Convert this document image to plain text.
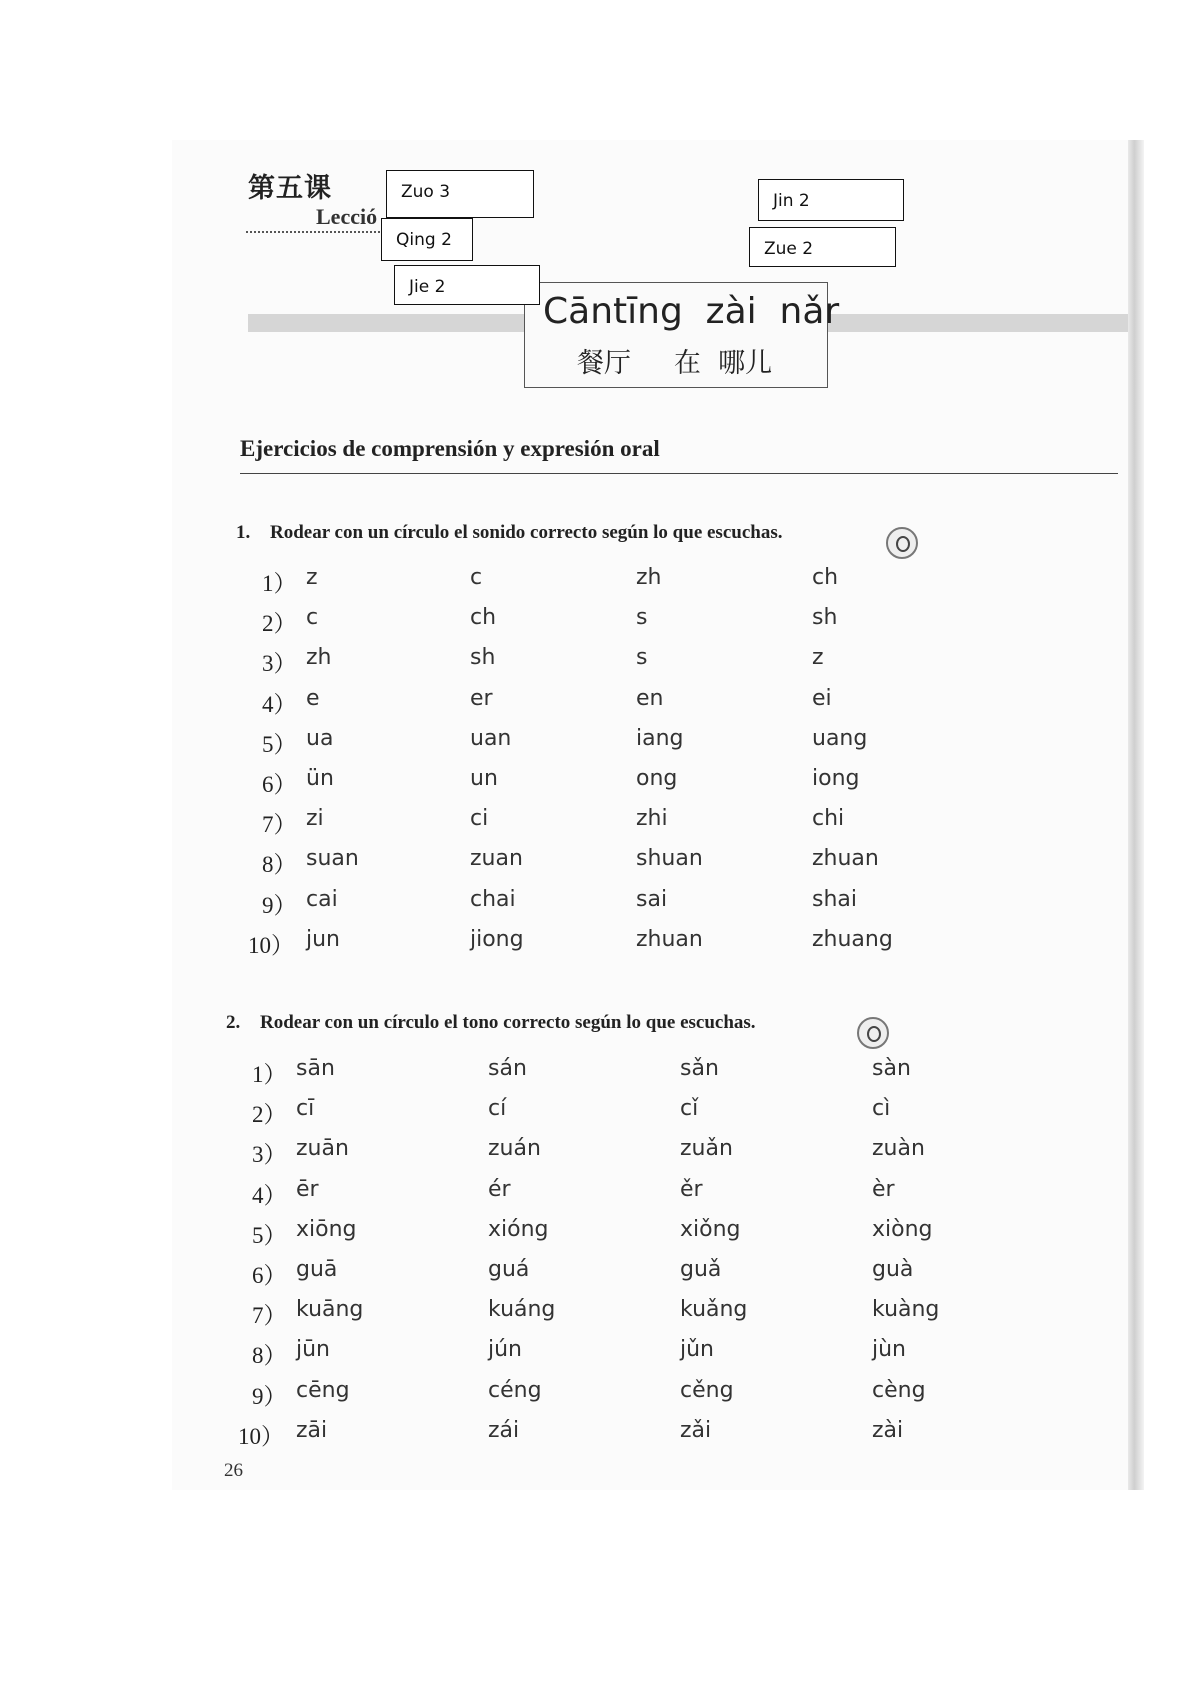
第五课
Lecció
Cāntīng  zài  nǎr
餐厅     在  哪儿
Zuo 3
Qing 2
Jie 2
Jin 2
Zue 2
Ejercicios de comprensión y expresión oral
1. Rodear con un círculo el sonido correcto según lo que escuchas.
1） z	c	zh	ch
2） c	ch	s	sh
3） zh	sh	s	z
4） e	er	en	ei
5） ua	uan	iang	uang
6） ün	un	ong	iong
7） zi	ci	zhi	chi
8） suan	zuan	shuan	zhuan
9） cai	chai	sai	shai
10） jun	jiong	zhuan	zhuang
2. Rodear con un círculo el tono correcto según lo que escuchas.
1） sān	sán	sǎn	sàn
2） cī	cí	cǐ	cì
3） zuān	zuán	zuǎn	zuàn
4） ēr	ér	ěr	èr
5） xiōng	xióng	xiǒng	xiòng
6） guā	guá	guǎ	guà
7） kuāng	kuáng	kuǎng	kuàng
8） jūn	jún	jǔn	jùn
9） cēng	céng	cěng	cèng
10） zāi	zái	zǎi	zài
26
